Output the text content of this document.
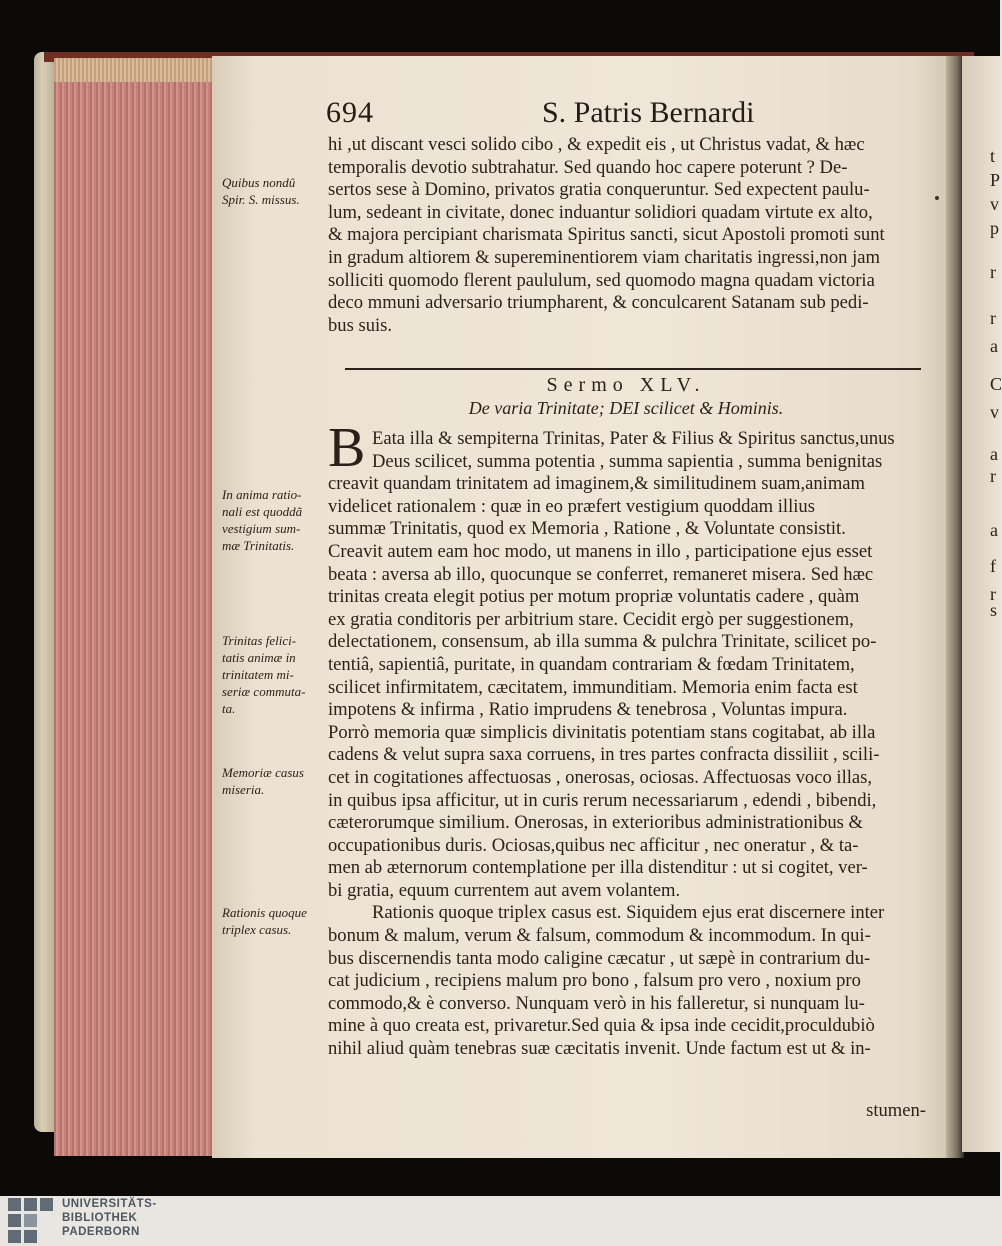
694	S. Patris Bernardi
hi ,ut discant vesci solido cibo , & expedit eis , ut Christus vadat, & hæc
temporalis devotio subtrahatur. Sed quando hoc capere poterunt ? De-
sertos sese à Domino, privatos gratia conqueruntur. Sed expectent paulu-
lum, sedeant in civitate, donec induantur solidiori quadam virtute ex alto,
& majora percipiant charismata Spiritus sancti, sicut Apostoli promoti sunt
in gradum altiorem & supereminentiorem viam charitatis ingressi,non jam
solliciti quomodo flerent paululum, sed quomodo magna quadam victoria
deco mmuni adversario triumpharent, & conculcarent Satanam sub pedi-
bus suis.
Sermo XLV.
De varia Trinitate; DEI scilicet & Hominis.
B Eata illa & sempiterna Trinitas, Pater & Filius & Spiritus sanctus,unus
Deus scilicet, summa potentia , summa sapientia , summa benignitas
creavit quandam trinitatem ad imaginem,& similitudinem suam,animam
videlicet rationalem : quæ in eo præfert vestigium quoddam illius
summæ Trinitatis, quod ex Memoria , Ratione , & Voluntate consistit.
Creavit autem eam hoc modo, ut manens in illo , participatione ejus esset
beata : aversa ab illo, quocunque se conferret, remaneret misera. Sed hæc
trinitas creata elegit potius per motum propriæ voluntatis cadere , quàm
ex gratia conditoris per arbitrium stare. Cecidit ergò per suggestionem,
delectationem, consensum, ab illa summa & pulchra Trinitate, scilicet po-
tentiâ, sapientiâ, puritate, in quandam contrariam & fœdam Trinitatem,
scilicet infirmitatem, cæcitatem, immunditiam. Memoria enim facta est
impotens & infirma , Ratio imprudens & tenebrosa , Voluntas impura.
Porrò memoria quæ simplicis divinitatis potentiam stans cogitabat, ab illa
cadens & velut supra saxa corruens, in tres partes confracta dissiliit , scili-
cet in cogitationes affectuosas , onerosas, ociosas. Affectuosas voco illas,
in quibus ipsa afficitur, ut in curis rerum necessariarum , edendi , bibendi,
cæterorumque similium. Onerosas, in exterioribus administrationibus &
occupationibus duris. Ociosas,quibus nec afficitur , nec oneratur , & ta-
men ab æternorum contemplatione per illa distenditur : ut si cogitet, ver-
bi gratia, equum currentem aut avem volantem.
Rationis quoque triplex casus est. Siquidem ejus erat discernere inter
bonum & malum, verum & falsum, commodum & incommodum. In qui-
bus discernendis tanta modo caligine cæcatur , ut sæpè in contrarium du-
cat judicium , recipiens malum pro bono , falsum pro vero , noxium pro
commodo,& è converso. Nunquam verò in his falleretur, si nunquam lu-
mine à quo creata est, privaretur.Sed quia & ipsa inde cecidit,proculdubiò
nihil aliud quàm tenebras suæ cæcitatis invenit. Unde factum est ut & in-
stumen-
Quibus nondû
Spir. S. missus.
In anima ratio-
nali est quoddã
vestigium sum-
mæ Trinitatis.
Trinitas felici-
tatis animæ in
trinitatem mi-
seriæ commuta-
ta.
Memoriæ casus
miseria.
Rationis quoque
triplex casus.
t
P
v
p
r
r
a
C
v
a
r
a
f
r
s
UNIVERSITÄTS-
BIBLIOTHEK
PADERBORN
